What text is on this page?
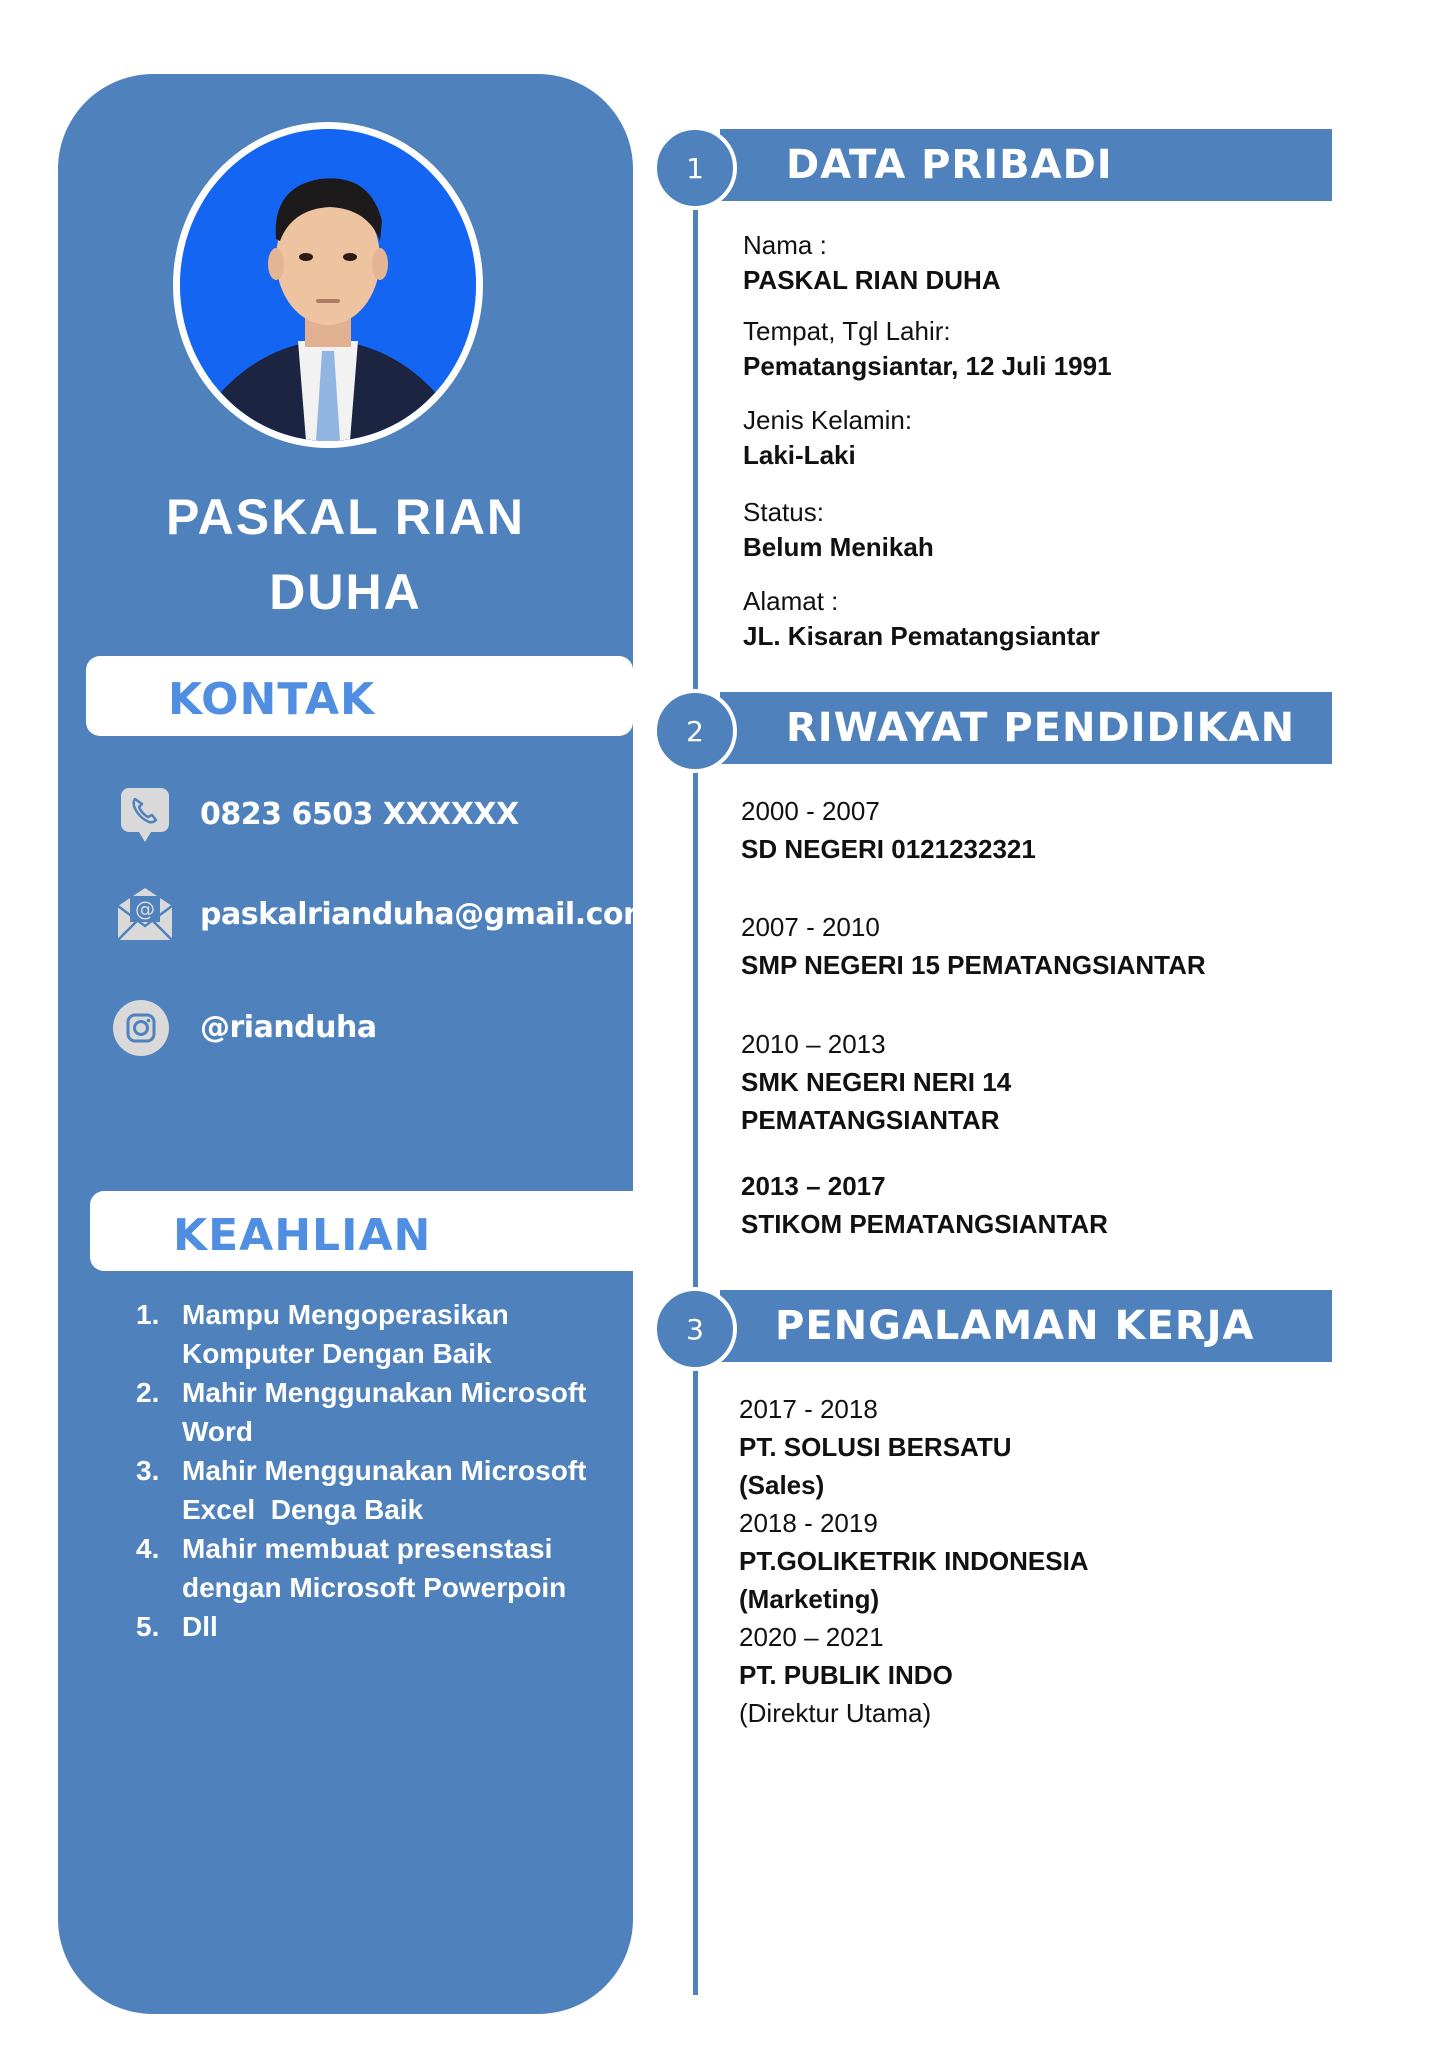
PASKAL RIAN
DUHA
KONTAK
0823 6503 XXXXXX
@ paskalrianduha@gmail.com
@rianduha
KEAHLIAN
1. Mampu Mengoperasikan
Komputer Dengan Baik
2. Mahir Menggunakan Microsoft
Word
3. Mahir Menggunakan Microsoft
Excel  Denga Baik
4. Mahir membuat presenstasi
dengan Microsoft Powerpoin
5. Dll
1	DATA PRIBADI
Nama :
PASKAL RIAN DUHA
Tempat, Tgl Lahir:
Pematangsiantar, 12 Juli 1991
Jenis Kelamin:
Laki-Laki
Status:
Belum Menikah
Alamat :
JL. Kisaran Pematangsiantar
2	RIWAYAT PENDIDIKAN
2000 - 2007
SD NEGERI 0121232321
2007 - 2010
SMP NEGERI 15 PEMATANGSIANTAR
2010 – 2013
SMK NEGERI NERI 14
PEMATANGSIANTAR
2013 – 2017
STIKOM PEMATANGSIANTAR
3	PENGALAMAN KERJA
2017 - 2018
PT. SOLUSI BERSATU
(Sales)
2018 - 2019
PT.GOLIKETRIK INDONESIA
(Marketing)
2020 – 2021
PT. PUBLIK INDO
(Direktur Utama)
